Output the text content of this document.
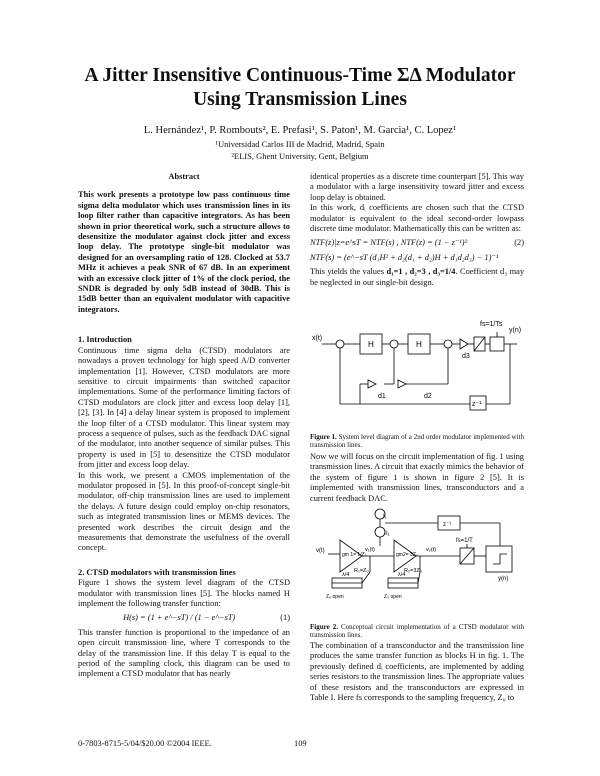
A Jitter Insensitive Continuous-Time ΣΔ Modulator Using Transmission Lines
L. Hernández¹, P. Rombouts², E. Prefasi¹, S. Paton¹, M. Garcia¹, C. Lopez¹
¹Universidad Carlos III de Madrid, Madrid, Spain
²ELIS, Ghent University, Gent, Belgium

Abstract

This work presents a prototype low pass continuous time sigma delta modulator which uses transmission lines in its loop filter rather than capacitive integrators. As has been shown in prior theoretical work, such a structure allows to desensitize the modulator against clock jitter and excess loop delay. The prototype single-bit modulator was designed for an oversampling ratio of 128. Clocked at 53.7 MHz it achieves a peak SNR of 67 dB. In an experiment with an excessive clock jitter of 1% of the clock period, the SNDR is degraded by only 5dB instead of 30dB. This is 15dB better than an equivalent modulator with capacitive integrators.

1. Introduction

Continuous time sigma delta (CTSD) modulators are nowadays a proven technology for high speed A/D converter implementation [1]. However, CTSD modulators are more sensitive to circuit impairments than switched capacitor implementations. Some of the performance limiting factors of CTSD modulators are clock jitter and excess loop delay [1], [2], [3]. In [4] a delay linear system is proposed to implement the loop filter of a CTSD modulator. This linear system may process a sequence of pulses, such as the feedback DAC signal of the modulator, into another sequence of similar pulses. This property is used in [5] to desensitize the CTSD modulator from jitter and excess loop delay.

In this work, we present a CMOS implementation of the modulator proposed in [5]. In this proof-of-concept single-bit modulator, off-chip transmission lines are used to implement the delays. A future design could employ on-chip resonators, such as integrated transmission lines or MEMS devices. The presented work describes the circuit design and the measurements that demonstrate the usefulness of the overall concept.

2. CTSD modulators with transmission lines

Figure 1 shows the system level diagram of the CTSD modulator with transmission lines [5]. The blocks named H implement the following transfer function:

H(s) = (1 + e^−sT) / (1 − e^−sT)	(1)

This transfer function is proportional to the impedance of an open circuit transmission line, where T corresponds to the delay of the transmission line. If this delay T is equal to the period of the sampling clock, this diagram can be used to implement a CTSD modulator that has nearly

identical properties as a discrete time counterpart [5]. This way a modulator with a large insensitivity toward jitter and excess loop delay is obtained.

In this work, dᵢ coefficients are chosen such that the CTSD modulator is equivalent to the ideal second-order lowpass discrete time modulator. Mathematically this can be written as:

NTF(z)|z=e^sT = NTF(s) , NTF(z) = (1 − z⁻¹)²	(2)
NTF(s) = (e^−sT (d₁H² + d₂(d₁ + d₂)H + d₁d₂d₃) − 1)⁻¹

This yields the values d₁=1 , d₂=3 , d₃=1/4. Coefficient d₃ may be neglected in our single-bit design.

x(t)
y(n)
fs=1/Ts
H	H
d1	d2
d3
z⁻¹
Figure 1. System level diagram of a 2nd order modulator implemented with transmission lines.

Now we will focus on the circuit implementation of fig. 1 using transmission lines. A circuit that exactly mimics the behavior of the system of figure 1 is shown in figure 2 [5]. It is implemented with transmission lines, transconductors and a current feedback DAC.

I₁
-I₁
z⁻¹
v(t)	v₁(t)	v₂(t)
gm 1= 1/Z₀	gm2= 3Z₀
R₁=Z₀	R₂=3Z₀
fs=1/T
y(n)
λ/4	λ/4
Z₀ open	Z₀ open
Figure 2. Conceptual circuit implementation of a CTSD modulator with transmission lines.

The combination of a transconductor and the transmission line produces the same transfer function as blocks H in fig. 1. The previously defined dᵢ coefficients, are implemented by adding series resistors to the transmission lines. The appropriate values of these resistors and the transconductors are expressed in Table I. Here fs corresponds to the sampling frequency, Z₀ to

0-7803-8715-5/04/$20.00 ©2004 IEEE.	109
